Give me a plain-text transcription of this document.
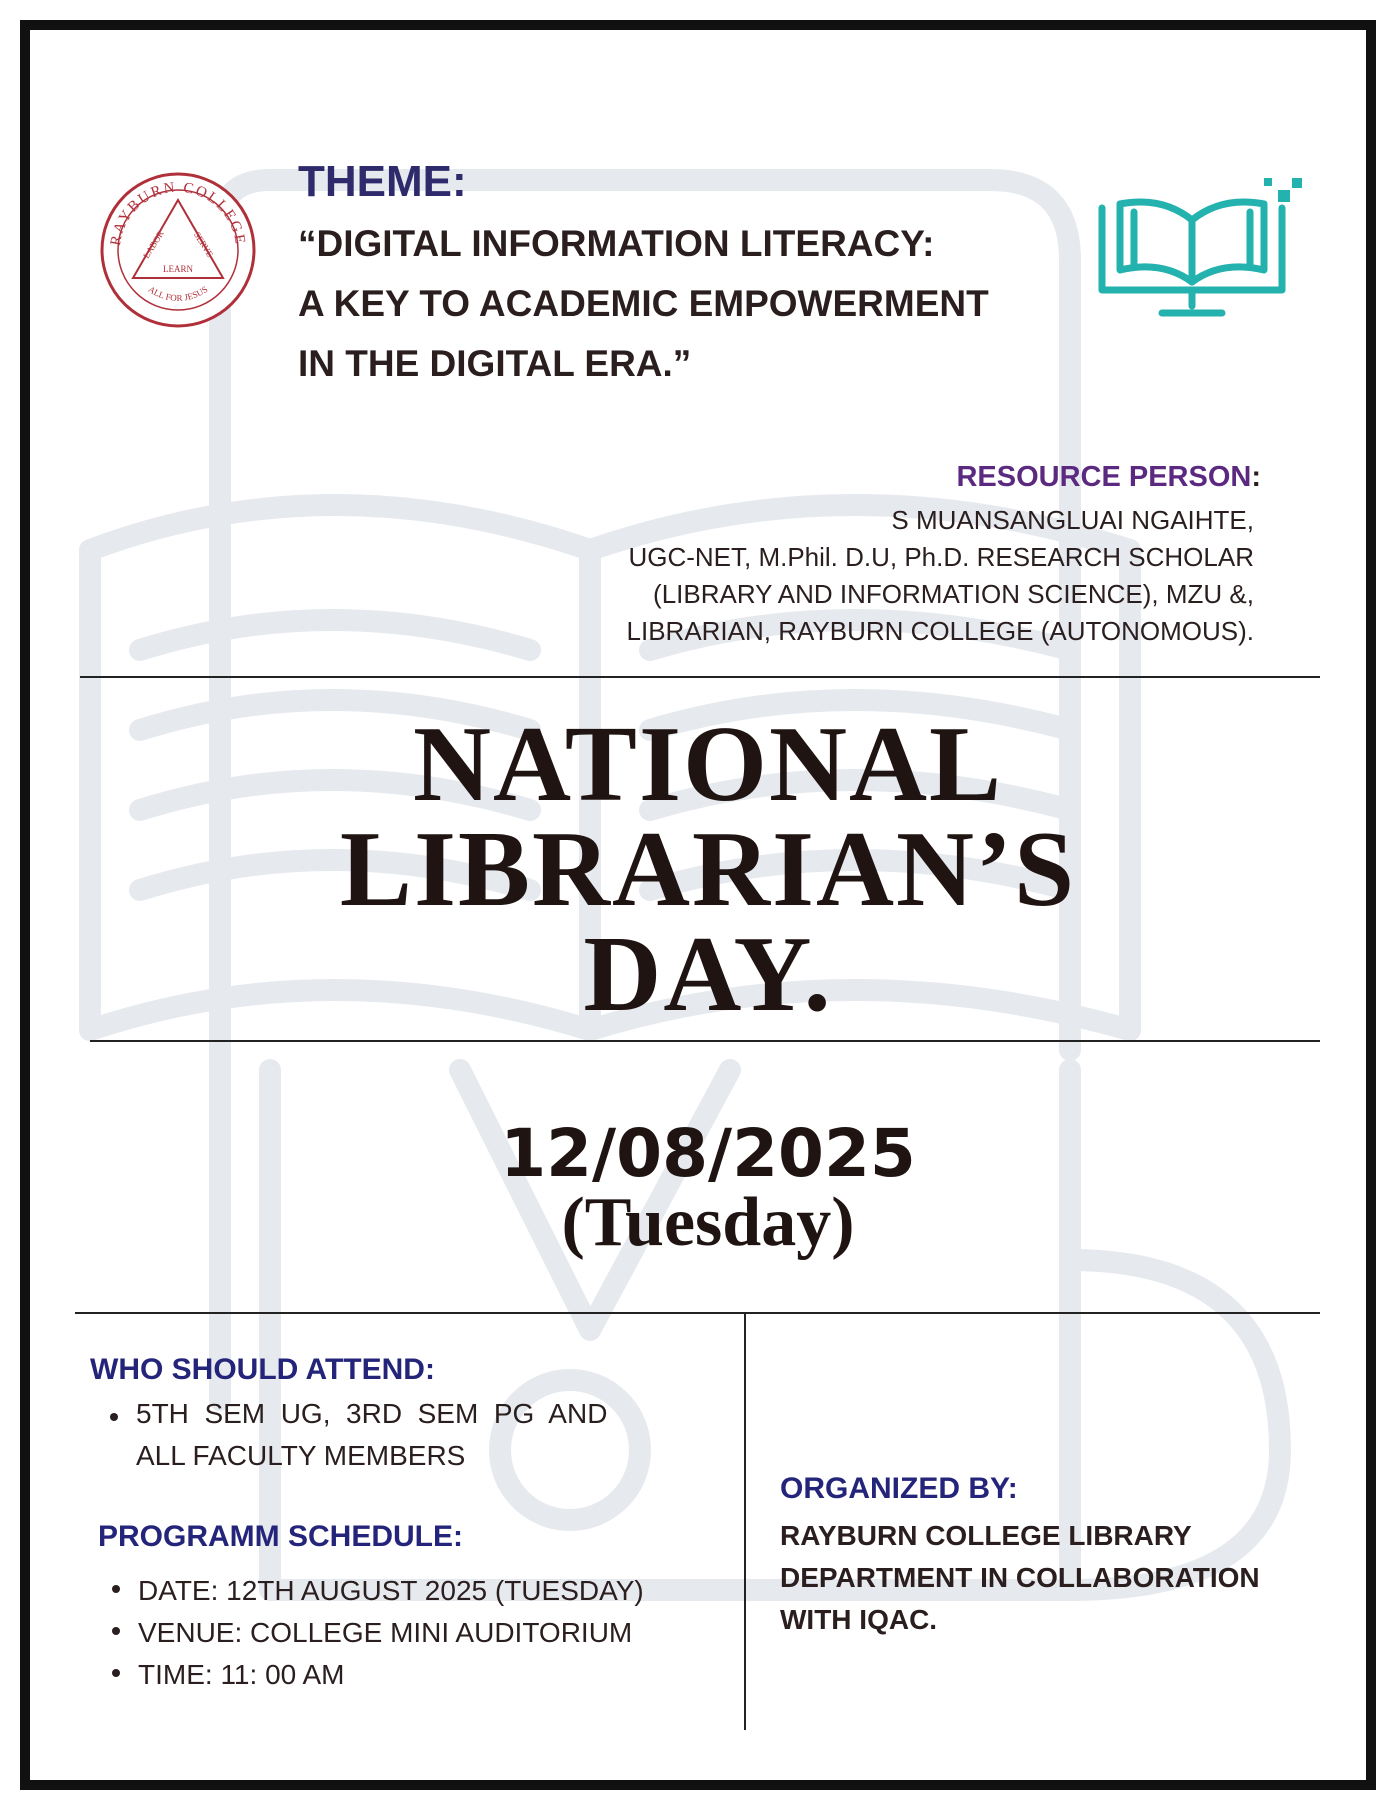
RAYBURN COLLEGE
ALL FOR JESUS
LABOR	SERVE
LEARN
THEME:
“DIGITAL INFORMATION LITERACY:
A KEY TO ACADEMIC EMPOWERMENT
IN THE DIGITAL ERA.”
RESOURCE PERSON:
S MUANSANGLUAI NGAIHTE,
UGC-NET, M.Phil. D.U, Ph.D. RESEARCH SCHOLAR
(LIBRARY AND INFORMATION SCIENCE), MZU &,
LIBRARIAN, RAYBURN COLLEGE (AUTONOMOUS).
NATIONAL
LIBRARIAN’S
DAY.
12/08/2025
(Tuesday)
WHO SHOULD ATTEND:
5TH  SEM  UG,  3RD  SEM  PG  AND
ALL FACULTY MEMBERS
PROGRAMM SCHEDULE:
DATE: 12TH AUGUST 2025 (TUESDAY)
VENUE: COLLEGE MINI AUDITORIUM
TIME: 11: 00 AM
ORGANIZED BY:
RAYBURN COLLEGE LIBRARY
DEPARTMENT IN COLLABORATION
WITH IQAC.
